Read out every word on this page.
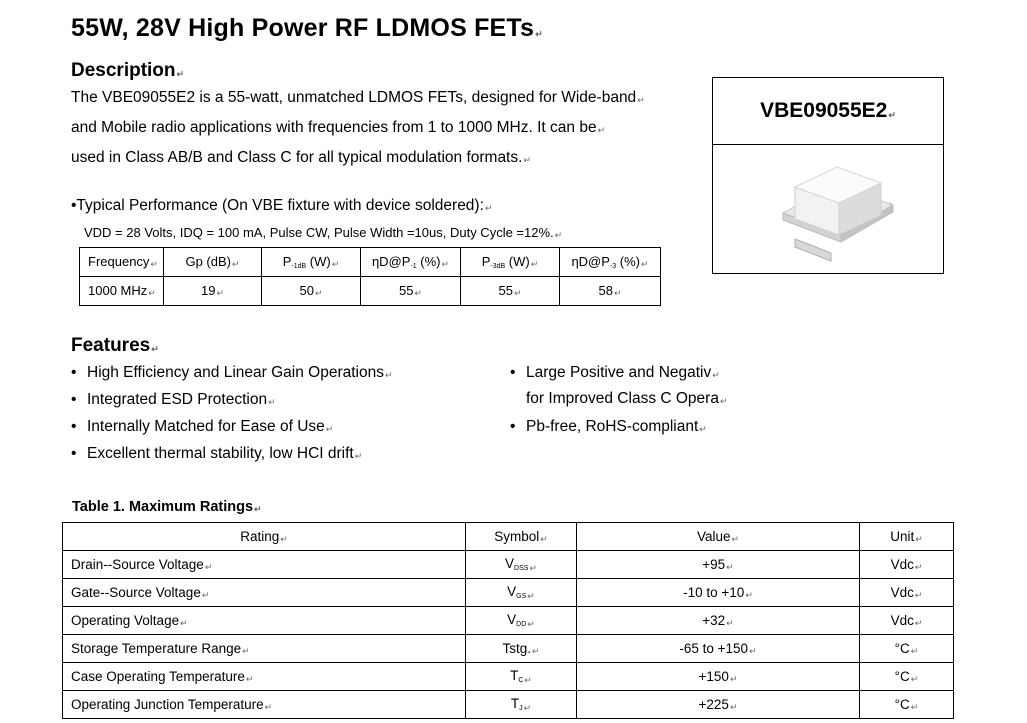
55W, 28V High Power RF LDMOS FETs ↵
Description ↵
The VBE09055E2 is a 55-watt, unmatched LDMOS FETs, designed for Wide-band ↵
and Mobile radio applications with frequencies from 1 to 1000 MHz. It can be ↵
used in Class AB/B and Class C for all typical modulation formats. ↵
VBE09055E2 ↵
•Typical Performance (On VBE fixture with device soldered): ↵
VDD = 28 Volts, IDQ = 100 mA, Pulse CW, Pulse Width =10us, Duty Cycle =12%. ↵
Frequency ↵	Gp (dB) ↵	$P_{-1dB}$ (W) ↵	$\eta D@P_{-1}$ (%) ↵	$P_{-3dB}$ (W) ↵	$\eta D@P_{-3}$ (%) ↵
1000 MHz ↵	19 ↵	50 ↵	55 ↵	55 ↵	58 ↵
Features ↵
• High Efficiency and Linear Gain Operations ↵
• Integrated ESD Protection ↵
• Internally Matched for Ease of Use ↵
• Excellent thermal stability, low HCI drift ↵
• Large Positive and Negativ ↵
for Improved Class C Opera ↵
• Pb-free, RoHS-compliant ↵
Table 1. Maximum Ratings ↵
Rating ↵	Symbol ↵	Value ↵	Unit ↵
Drain--Source Voltage ↵	$V_{DSS}$ ↵	+95 ↵	Vdc ↵
Gate--Source Voltage ↵	$V_{GS}$ ↵	-10 to +10 ↵	Vdc ↵
Operating Voltage ↵	$V_{DD}$ ↵	+32 ↵	Vdc ↵
Storage Temperature Range ↵	Tstg. ↵	-65 to +150 ↵	°C ↵
Case Operating Temperature ↵	$T_C$ ↵	+150 ↵	°C ↵
Operating Junction Temperature ↵	$T_J$ ↵	+225 ↵	°C ↵
